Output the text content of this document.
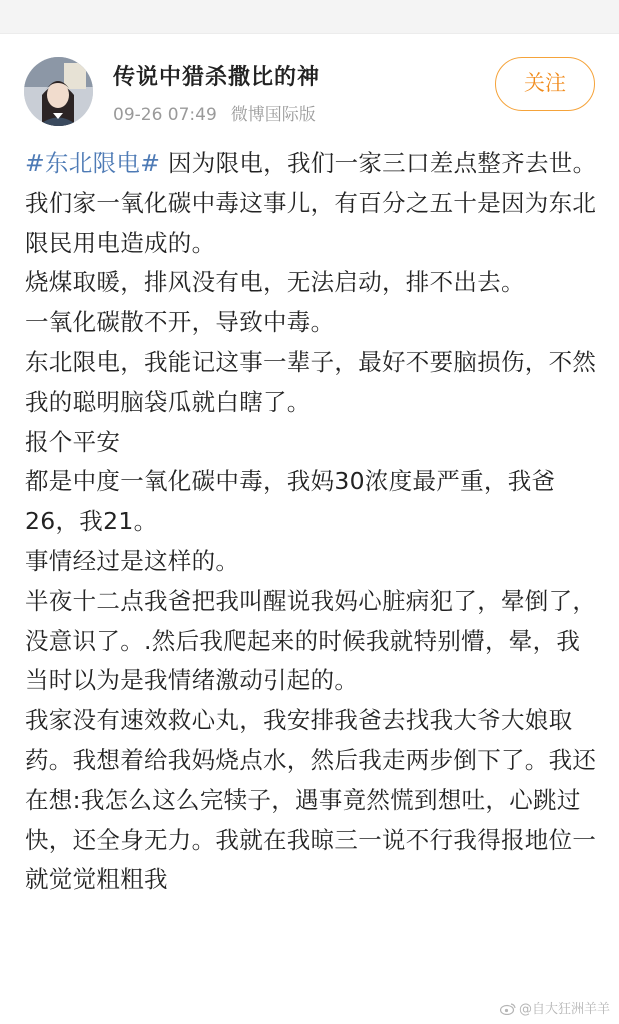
传说中猎杀撒比的神
09-26 07:49 微博国际版
关注

#东北限电# 因为限电，我们一家三口差点整齐去世。我们家一氧化碳中毒这事儿，有百分之五十是因为东北限民用电造成的。

烧煤取暖，排风没有电，无法启动，排不出去。

一氧化碳散不开，导致中毒。

东北限电，我能记这事一辈子，最好不要脑损伤，不然我的聪明脑袋瓜就白瞎了。

报个平安

都是中度一氧化碳中毒，我妈30浓度最严重，我爸26，我21。

事情经过是这样的。

半夜十二点我爸把我叫醒说我妈心脏病犯了，晕倒了，没意识了。.然后我爬起来的时候我就特别懵，晕，我当时以为是我情绪激动引起的。

我家没有速效救心丸，我安排我爸去找我大爷大娘取药。我想着给我妈烧点水，然后我走两步倒下了。我还在想:我怎么这么完犊子，遇事竟然慌到想吐，心跳过快，还全身无力。我就在我晾三一说不行我得报地位一就觉觉粗粗我

@自大狂洲羊羊
